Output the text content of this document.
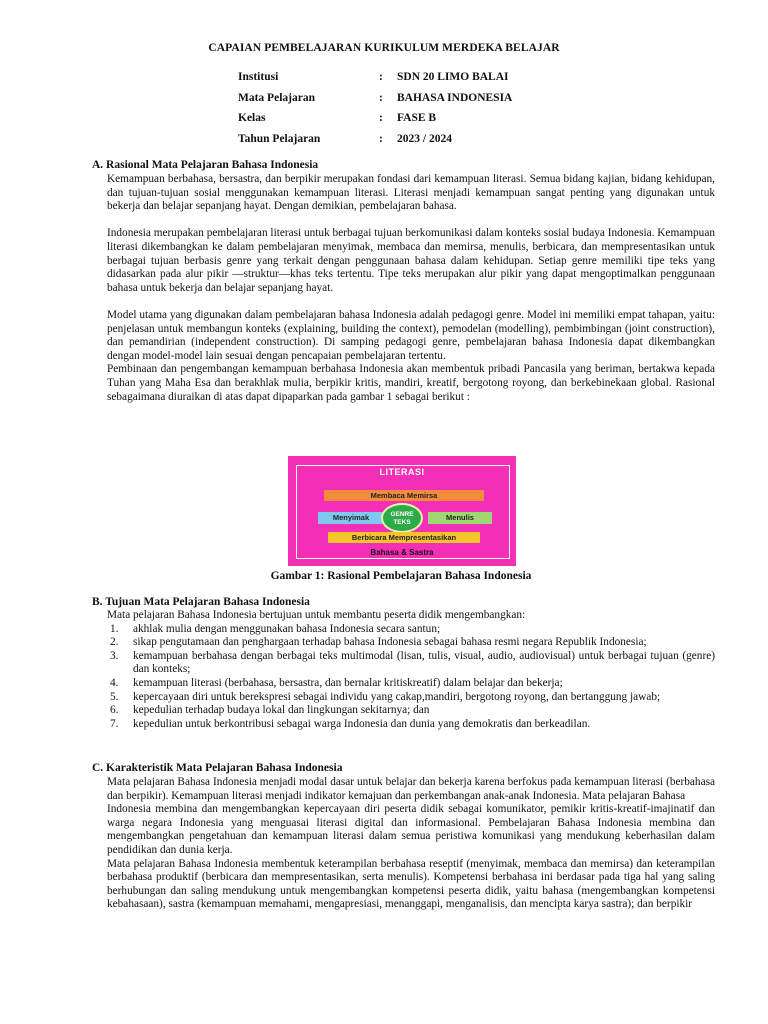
CAPAIAN PEMBELAJARAN KURIKULUM MERDEKA BELAJAR
Institusi	:	SDN 20 LIMO BALAI
Mata Pelajaran	:	BAHASA INDONESIA
Kelas	:	FASE B
Tahun Pelajaran	:	2023 / 2024
A. Rasional Mata Pelajaran Bahasa Indonesia

Kemampuan berbahasa, bersastra, dan berpikir merupakan fondasi dari kemampuan literasi. Semua bidang kajian, bidang kehidupan, dan tujuan-tujuan sosial menggunakan kemampuan literasi. Literasi menjadi kemampuan sangat penting yang digunakan untuk bekerja dan belajar sepanjang hayat. Dengan demikian, pembelajaran bahasa.

Indonesia merupakan pembelajaran literasi untuk berbagai tujuan berkomunikasi dalam konteks sosial budaya Indonesia. Kemampuan literasi dikembangkan ke dalam pembelajaran menyimak, membaca dan memirsa, menulis, berbicara, dan mempresentasikan untuk berbagai tujuan berbasis genre yang terkait dengan penggunaan bahasa dalam kehidupan. Setiap genre memiliki tipe teks yang didasarkan pada alur pikir —struktur—khas teks tertentu. Tipe teks merupakan alur pikir yang dapat mengoptimalkan penggunaan bahasa untuk bekerja dan belajar sepanjang hayat.

Model utama yang digunakan dalam pembelajaran bahasa Indonesia adalah pedagogi genre. Model ini memiliki empat tahapan, yaitu: penjelasan untuk membangun konteks (explaining, building the context), pemodelan (modelling), pembimbingan (joint construction), dan pemandirian (independent construction). Di samping pedagogi genre, pembelajaran bahasa Indonesia dapat dikembangkan dengan model-model lain sesuai dengan pencapaian pembelajaran tertentu.

Pembinaan dan pengembangan kemampuan berbahasa Indonesia akan membentuk pribadi Pancasila yang beriman, bertakwa kepada Tuhan yang Maha Esa dan berakhlak mulia, berpikir kritis, mandiri, kreatif, bergotong royong, dan berkebinekaan global. Rasional sebagaimana diuraikan di atas dapat dipaparkan pada gambar 1 sebagai berikut :

LITERASI
Membaca Memirsa
Menyimak	Menulis
GENRE TEKS
Berbicara Mempresentasikan
Bahasa & Sastra
Gambar 1: Rasional Pembelajaran Bahasa Indonesia
B. Tujuan Mata Pelajaran Bahasa Indonesia

Mata pelajaran Bahasa Indonesia bertujuan untuk membantu peserta didik mengembangkan:

1.	akhlak mulia dengan menggunakan bahasa Indonesia secara santun;
2.	sikap pengutamaan dan penghargaan terhadap bahasa Indonesia sebagai bahasa resmi negara Republik Indonesia;
3.	kemampuan berbahasa dengan berbagai teks multimodal (lisan, tulis, visual, audio, audiovisual) untuk berbagai tujuan (genre) dan konteks;
4.	kemampuan literasi (berbahasa, bersastra, dan bernalar kritiskreatif) dalam belajar dan bekerja;
5.	kepercayaan diri untuk berekspresi sebagai individu yang cakap,mandiri, bergotong royong, dan bertanggung jawab;
6.	kepedulian terhadap budaya lokal dan lingkungan sekitarnya; dan
7.	kepedulian untuk berkontribusi sebagai warga Indonesia dan dunia yang demokratis dan berkeadilan.
C. Karakteristik Mata Pelajaran Bahasa Indonesia

Mata pelajaran Bahasa Indonesia menjadi modal dasar untuk belajar dan bekerja karena berfokus pada kemampuan literasi (berbahasa dan berpikir). Kemampuan literasi menjadi indikator kemajuan dan perkembangan anak-anak Indonesia. Mata pelajaran Bahasa

Indonesia membina dan mengembangkan kepercayaan diri peserta didik sebagai komunikator, pemikir kritis-kreatif-imajinatif dan warga negara Indonesia yang menguasai literasi digital dan informasional. Pembelajaran Bahasa Indonesia membina dan mengembangkan pengetahuan dan kemampuan literasi dalam semua peristiwa komunikasi yang mendukung keberhasilan dalam pendidikan dan dunia kerja.

Mata pelajaran Bahasa Indonesia membentuk keterampilan berbahasa reseptif (menyimak, membaca dan memirsa) dan keterampilan berbahasa produktif (berbicara dan mempresentasikan, serta menulis). Kompetensi berbahasa ini berdasar pada tiga hal yang saling berhubungan dan saling mendukung untuk mengembangkan kompetensi peserta didik, yaitu bahasa (mengembangkan kompetensi kebahasaan), sastra (kemampuan memahami, mengapresiasi, menanggapi, menganalisis, dan mencipta karya sastra); dan berpikir
